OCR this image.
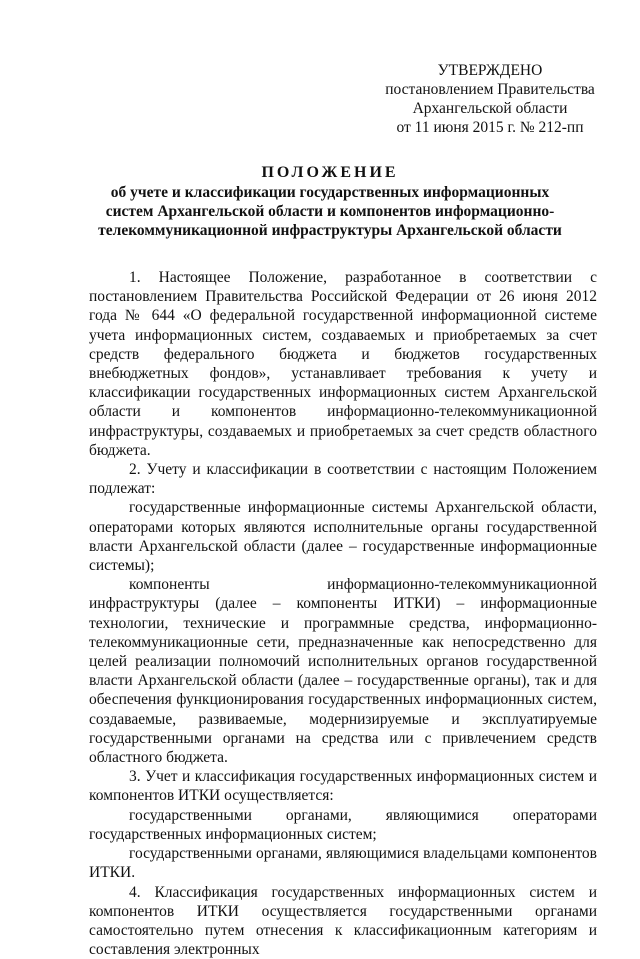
УТВЕРЖДЕНО
постановлением Правительства
Архангельской области
от 11 июня 2015 г. № 212-пп
ПОЛОЖЕНИЕ
об учете и классификации государственных информационных
систем Архангельской области и компонентов информационно-
телекоммуникационной инфраструктуры Архангельской области

1. Настоящее Положение, разработанное в соответствии с постановлением Правительства Российской Федерации от 26 июня 2012 года № 644 «О федеральной государственной информационной системе учета информационных систем, создаваемых и приобретаемых за счет средств федерального бюджета и бюджетов государственных внебюджетных фондов», устанавливает требования к учету и классификации государственных информационных систем Архангельской области и компонентов информационно-телекоммуникационной инфраструктуры, создаваемых и приобретаемых за счет средств областного бюджета.

2. Учету и классификации в соответствии с настоящим Положением подлежат:

государственные информационные системы Архангельской области, операторами которых являются исполнительные органы государственной власти Архангельской области (далее – государственные информационные системы);

компоненты информационно-телекоммуникационной инфраструктуры (далее – компоненты ИТКИ) – информационные технологии, технические и программные средства, информационно-телекоммуникационные сети, предназначенные как непосредственно для целей реализации полномочий исполнительных органов государственной власти Архангельской области (далее – государственные органы), так и для обеспечения функционирования государственных информационных систем, создаваемые, развиваемые, модернизируемые и эксплуатируемые государственными органами на средства или с привлечением средств областного бюджета.

3. Учет и классификация государственных информационных систем и компонентов ИТКИ осуществляется:

государственными органами, являющимися операторами государственных информационных систем;

государственными органами, являющимися владельцами компонентов ИТКИ.

4. Классификация государственных информационных систем и компонентов ИТКИ осуществляется государственными органами самостоятельно путем отнесения к классификационным категориям и составления электронных
